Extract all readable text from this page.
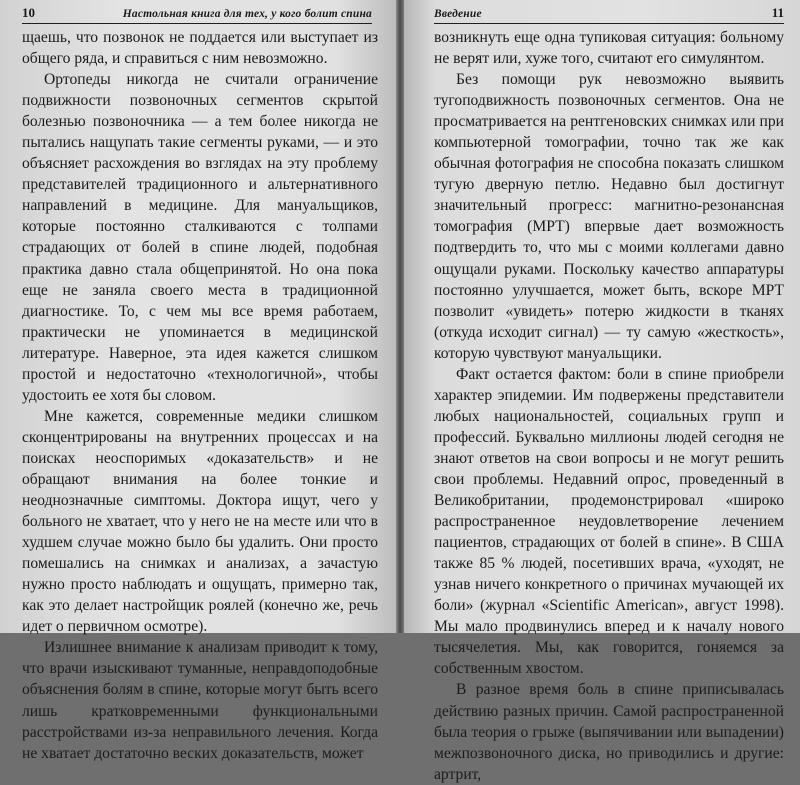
10	Настольная книга для тех, у кого болит спина

щаешь, что позвонок не поддается или выступает из общего ряда, и справиться с ним невозможно.

Ортопеды никогда не считали ограничение подвижности позвоночных сегментов скрытой болезнью позвоночника — а тем более никогда не пытались нащупать такие сегменты руками, — и это объясняет расхождения во взглядах на эту проблему представителей традиционного и альтернативного направлений в медицине. Для мануальщиков, которые постоянно сталкиваются с толпами страдающих от болей в спине людей, подобная практика давно стала общепринятой. Но она пока еще не заняла своего места в традиционной диагностике. То, с чем мы все время работаем, практически не упоминается в медицинской литературе. Наверное, эта идея кажется слишком простой и недостаточно «технологичной», чтобы удостоить ее хотя бы словом.

Мне кажется, современные медики слишком сконцентрированы на внутренних процессах и на поисках неоспоримых «доказательств» и не обращают внимания на более тонкие и неоднозначные симптомы. Доктора ищут, чего у больного не хватает, что у него не на месте или что в худшем случае можно было бы удалить. Они просто помешались на снимках и анализах, а зачастую нужно просто наблюдать и ощущать, примерно так, как это делает настройщик роялей (конечно же, речь идет о первичном осмотре).

Излишнее внимание к анализам приводит к тому, что врачи изыскивают туманные, неправдоподобные объяснения болям в спине, которые могут быть всего лишь кратковременными функциональными расстройствами из-за неправильного лечения. Когда не хватает достаточно веских доказательств, может

Введение	11

возникнуть еще одна тупиковая ситуация: больному не верят или, хуже того, считают его симулянтом.

Без помощи рук невозможно выявить тугоподвижность позвоночных сегментов. Она не просматривается на рентгеновских снимках или при компьютерной томографии, точно так же как обычная фотография не способна показать слишком тугую дверную петлю. Недавно был достигнут значительный прогресс: магнитно-резонансная томография (МРТ) впервые дает возможность подтвердить то, что мы с моими коллегами давно ощущали руками. Поскольку качество аппаратуры постоянно улучшается, может быть, вскоре МРТ позволит «увидеть» потерю жидкости в тканях (откуда исходит сигнал) — ту самую «жесткость», которую чувствуют мануальщики.

Факт остается фактом: боли в спине приобрели характер эпидемии. Им подвержены представители любых национальностей, социальных групп и профессий. Буквально миллионы людей сегодня не знают ответов на свои вопросы и не могут решить свои проблемы. Недавний опрос, проведенный в Великобритании, продемонстрировал «широко распространенное неудовлетворение лечением пациентов, страдающих от болей в спине». В США также 85 % людей, посетивших врача, «уходят, не узнав ничего конкретного о причинах мучающей их боли» (журнал «Scientific American», август 1998). Мы мало продвинулись вперед и к началу нового тысячелетия. Мы, как говорится, гоняемся за собственным хвостом.

В разное время боль в спине приписывалась действию разных причин. Самой распространенной была теория о грыже (выпячивании или выпадении) межпозвоночного диска, но приводились и другие: артрит,
